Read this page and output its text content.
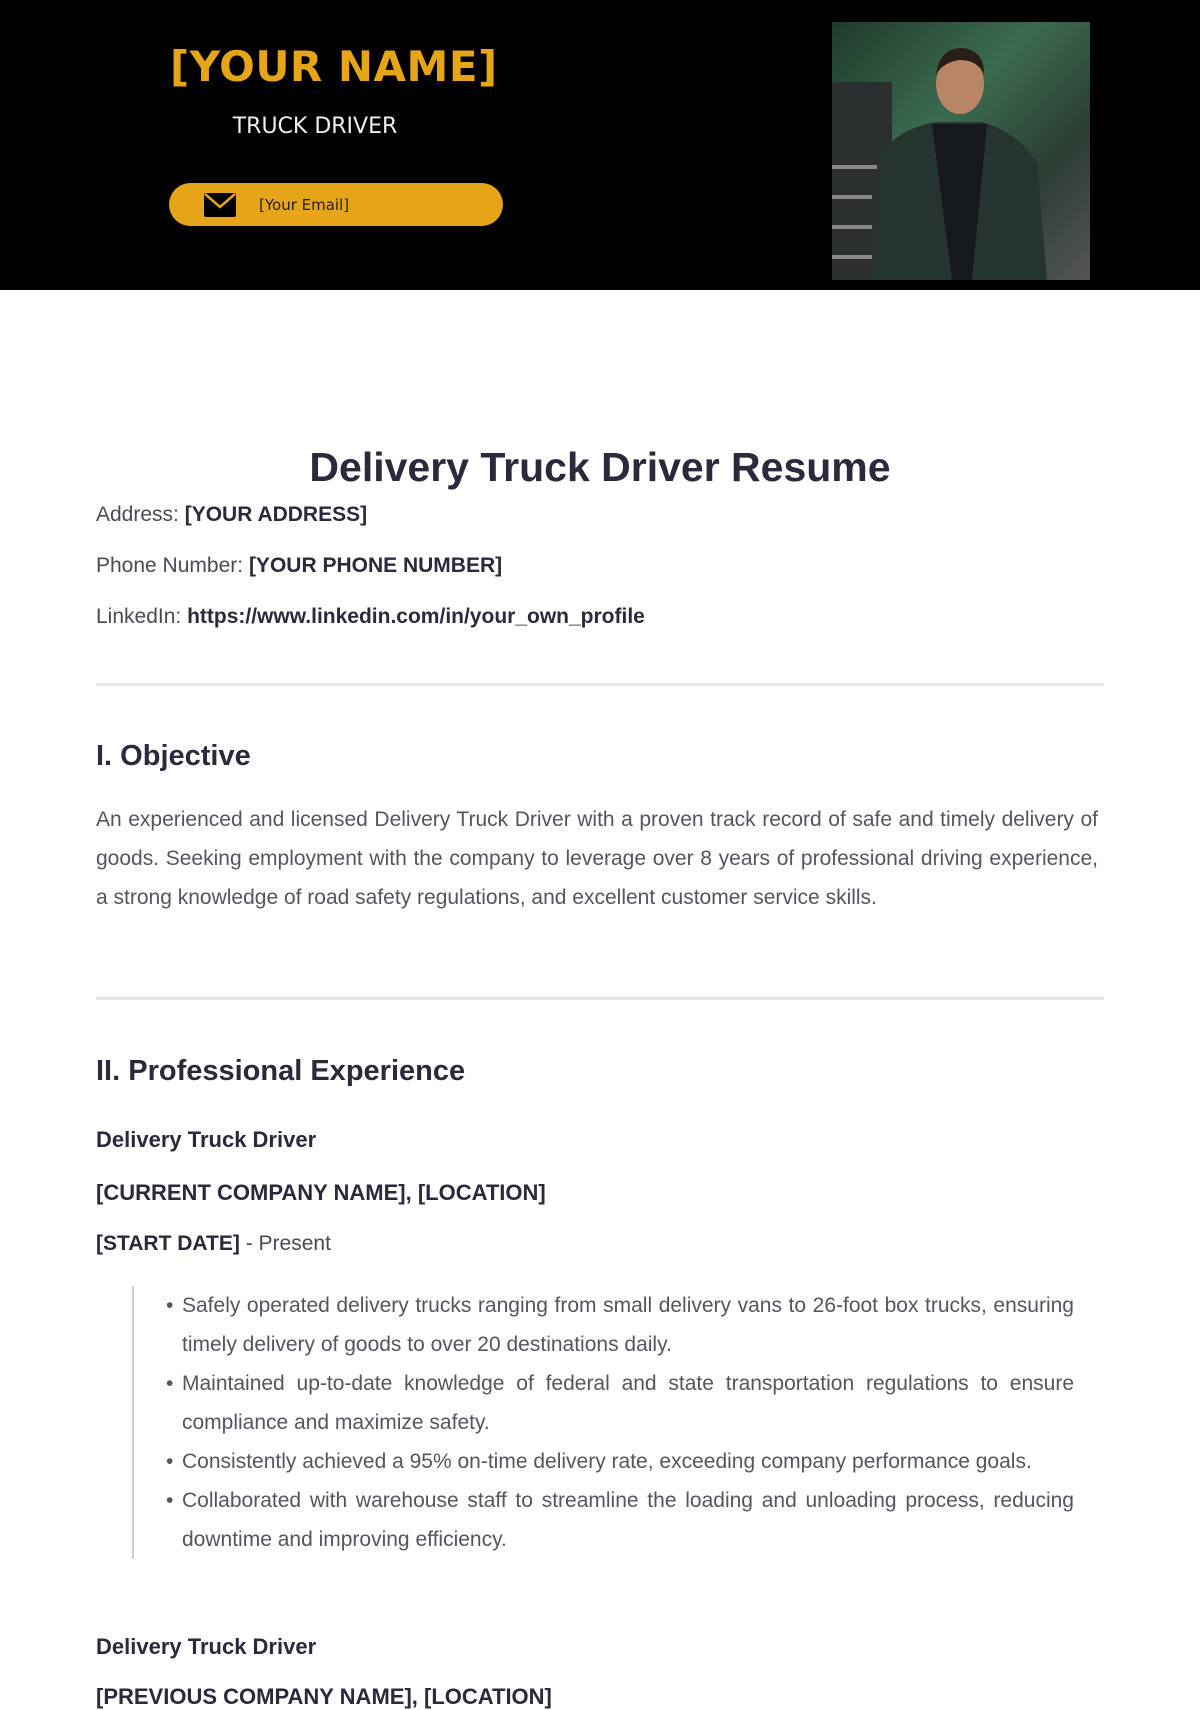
[YOUR NAME]
TRUCK DRIVER
[Your Email]
Delivery Truck Driver Resume
Address: [YOUR ADDRESS]
Phone Number: [YOUR PHONE NUMBER]
LinkedIn: https://www.linkedin.com/in/your_own_profile
I. Objective
An experienced and licensed Delivery Truck Driver with a proven track record of safe and timely delivery of goods. Seeking employment with the company to leverage over 8 years of professional driving experience, a strong knowledge of road safety regulations, and excellent customer service skills.
II. Professional Experience
Delivery Truck Driver
[CURRENT COMPANY NAME], [LOCATION]
[START DATE] - Present
• Safely operated delivery trucks ranging from small delivery vans to 26-foot box trucks, ensuring timely delivery of goods to over 20 destinations daily.
• Maintained up-to-date knowledge of federal and state transportation regulations to ensure compliance and maximize safety.
• Consistently achieved a 95% on-time delivery rate, exceeding company performance goals.
• Collaborated with warehouse staff to streamline the loading and unloading process, reducing downtime and improving efficiency.
Delivery Truck Driver
[PREVIOUS COMPANY NAME], [LOCATION]
